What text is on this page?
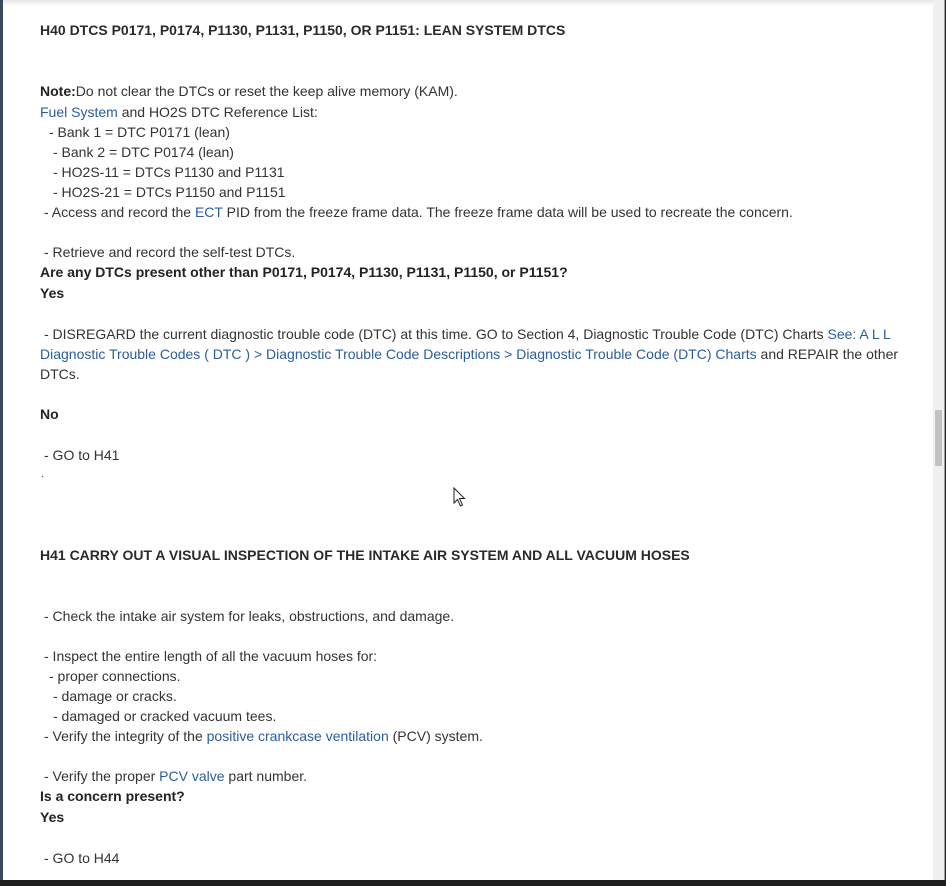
H40 DTCS P0171, P0174, P1130, P1131, P1150, OR P1151: LEAN SYSTEM DTCS
Note:Do not clear the DTCs or reset the keep alive memory (KAM).
Fuel System and HO2S DTC Reference List:
- Bank 1 = DTC P0171 (lean)
- Bank 2 = DTC P0174 (lean)
- HO2S-11 = DTCs P1130 and P1131
- HO2S-21 = DTCs P1150 and P1151
- Access and record the ECT PID from the freeze frame data. The freeze frame data will be used to recreate the concern.
- Retrieve and record the self-test DTCs.
Are any DTCs present other than P0171, P0174, P1130, P1131, P1150, or P1151?
Yes
- DISREGARD the current diagnostic trouble code (DTC) at this time. GO to Section 4, Diagnostic Trouble Code (DTC) Charts See: A L L Diagnostic Trouble Codes ( DTC ) > Diagnostic Trouble Code Descriptions > Diagnostic Trouble Code (DTC) Charts and REPAIR the other DTCs.
No
- GO to H41
.
H41 CARRY OUT A VISUAL INSPECTION OF THE INTAKE AIR SYSTEM AND ALL VACUUM HOSES
- Check the intake air system for leaks, obstructions, and damage.
- Inspect the entire length of all the vacuum hoses for:
- proper connections.
- damage or cracks.
- damaged or cracked vacuum tees.
- Verify the integrity of the positive crankcase ventilation (PCV) system.
- Verify the proper PCV valve part number.
Is a concern present?
Yes
- GO to H44
